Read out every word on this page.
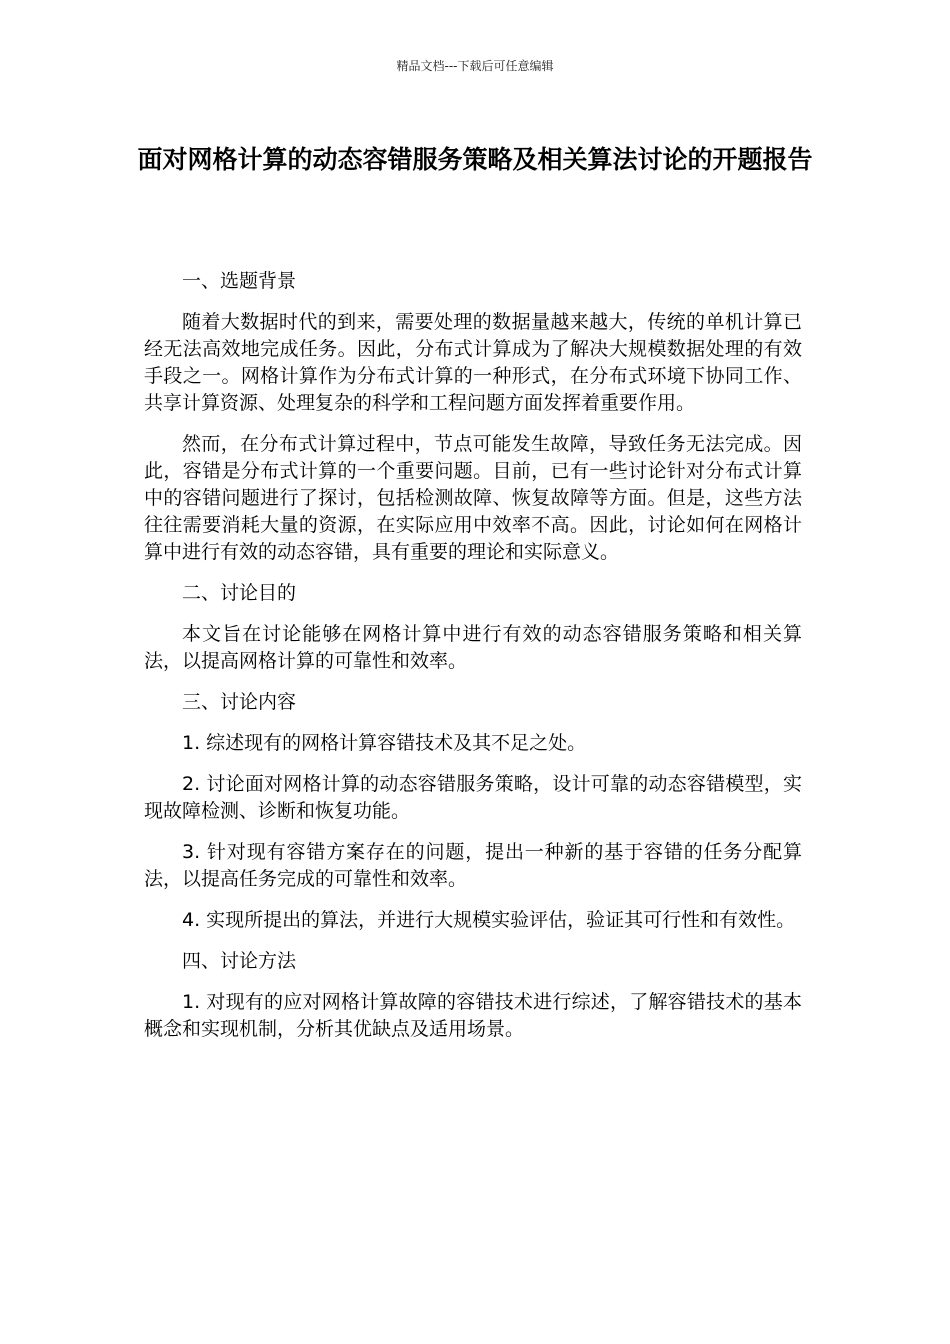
精品文档---下载后可任意编辑
面对网格计算的动态容错服务策略及相关算法讨论的开题报告

一、选题背景

随着大数据时代的到来，需要处理的数据量越来越大，传统的单机计算已经无法高效地完成任务。因此，分布式计算成为了解决大规模数据处理的有效手段之一。网格计算作为分布式计算的一种形式，在分布式环境下协同工作、共享计算资源、处理复杂的科学和工程问题方面发挥着重要作用。

然而，在分布式计算过程中，节点可能发生故障，导致任务无法完成。因此，容错是分布式计算的一个重要问题。目前，已有一些讨论针对分布式计算中的容错问题进行了探讨，包括检测故障、恢复故障等方面。但是，这些方法往往需要消耗大量的资源，在实际应用中效率不高。因此，讨论如何在网格计算中进行有效的动态容错，具有重要的理论和实际意义。

二、讨论目的

本文旨在讨论能够在网格计算中进行有效的动态容错服务策略和相关算法，以提高网格计算的可靠性和效率。

三、讨论内容

1. 综述现有的网格计算容错技术及其不足之处。

2. 讨论面对网格计算的动态容错服务策略，设计可靠的动态容错模型，实现故障检测、诊断和恢复功能。

3. 针对现有容错方案存在的问题，提出一种新的基于容错的任务分配算法，以提高任务完成的可靠性和效率。

4. 实现所提出的算法，并进行大规模实验评估，验证其可行性和有效性。

四、讨论方法

1. 对现有的应对网格计算故障的容错技术进行综述，了解容错技术的基本概念和实现机制，分析其优缺点及适用场景。
